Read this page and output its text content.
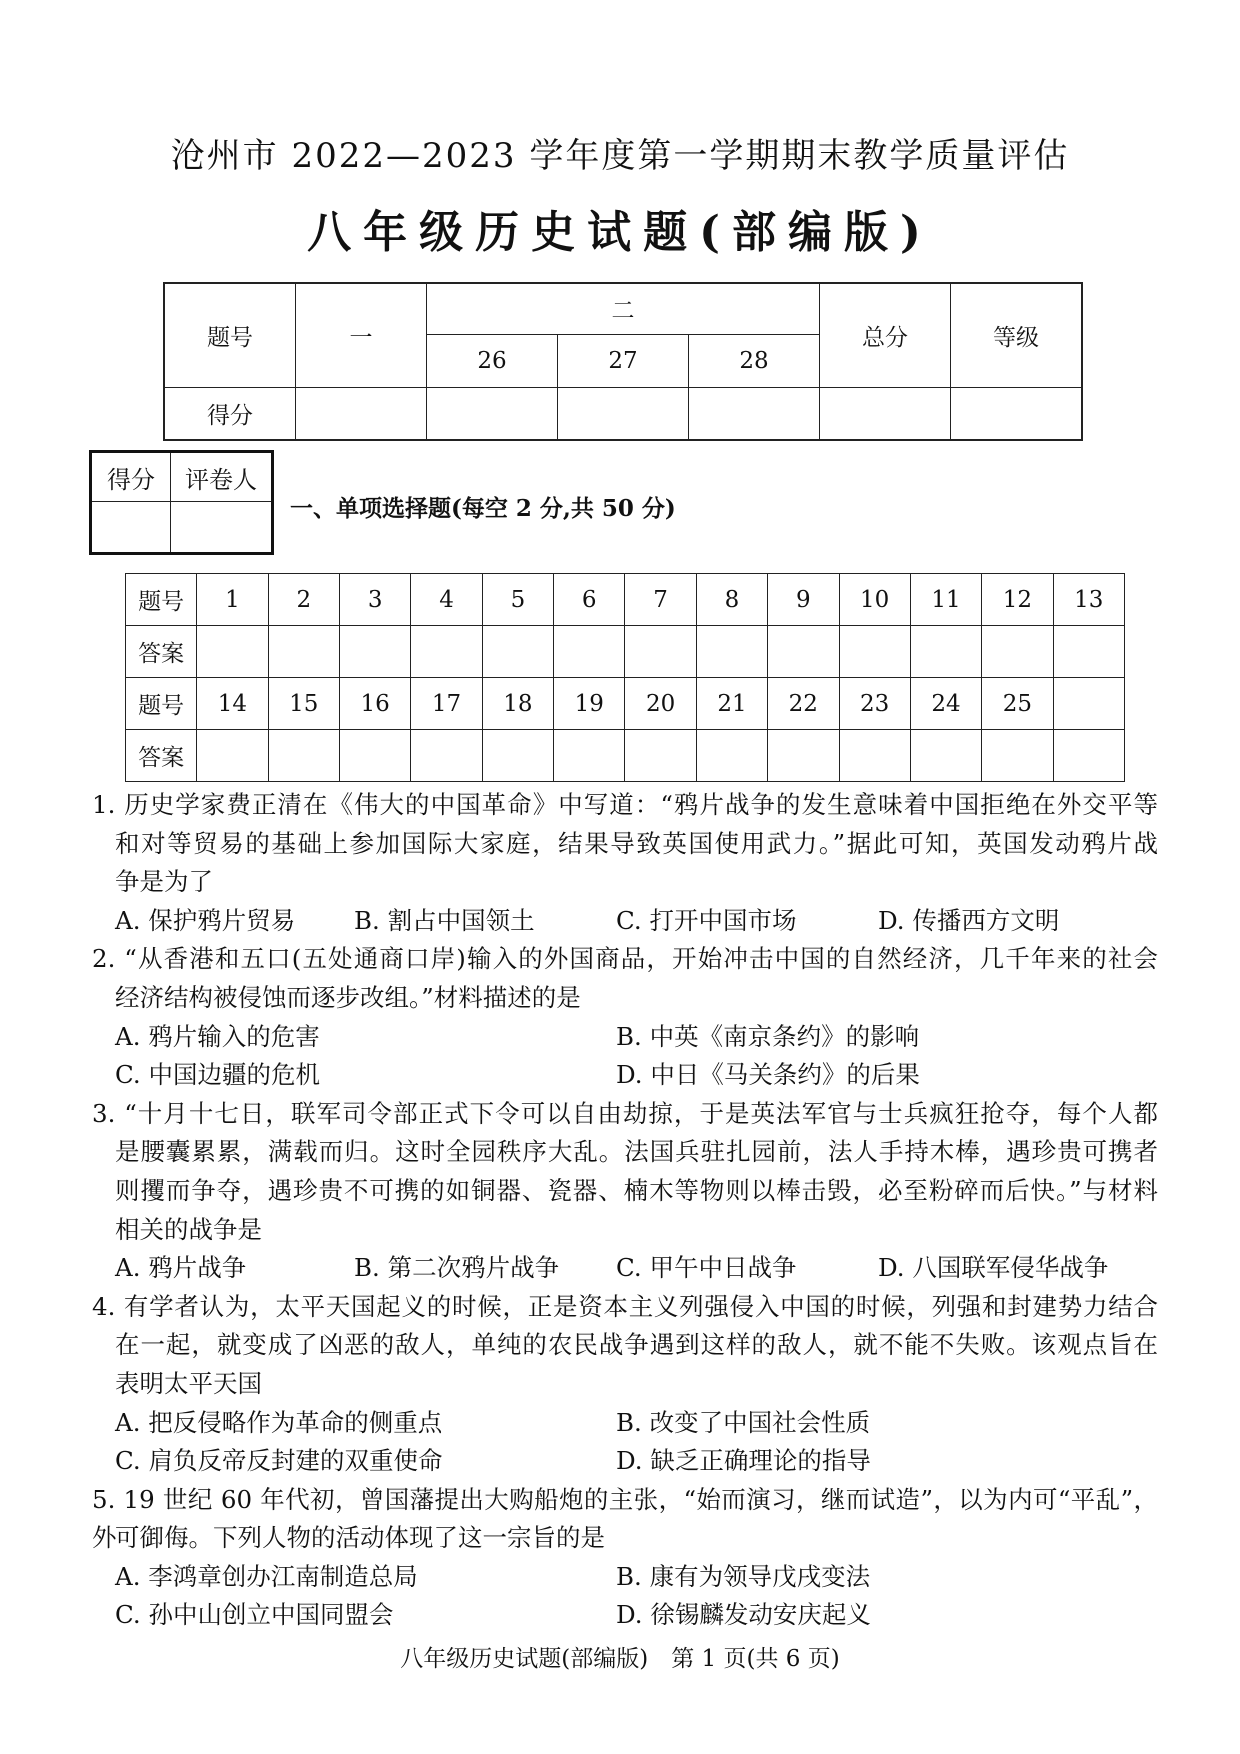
沧州市 2022—2023 学年度第一学期期末教学质量评估
八年级历史试题(部编版)
题号	一	二			总分	等级
		26	27	28		
得分						
得分	评卷人

一、单项选择题(每空 2 分,共 50 分)
题号	1	2	3	4	5	6	7	8	9	10	11	12	13
答案													
题号	14	15	16	17	18	19	20	21	22	23	24	25	
答案													
1. 历史学家费正清在《伟大的中国革命》中写道：“鸦片战争的发生意味着中国拒绝在外交平等
和对等贸易的基础上参加国际大家庭，结果导致英国使用武力。”据此可知，英国发动鸦片战
争是为了
A. 保护鸦片贸易 B. 割占中国领土	C. 打开中国市场	D. 传播西方文明
2. “从香港和五口(五处通商口岸)输入的外国商品，开始冲击中国的自然经济，几千年来的社会
经济结构被侵蚀而逐步改组。”材料描述的是
A. 鸦片输入的危害	B. 中英《南京条约》的影响
C. 中国边疆的危机	D. 中日《马关条约》的后果
3. “十月十七日，联军司令部正式下令可以自由劫掠，于是英法军官与士兵疯狂抢夺，每个人都
是腰囊累累，满载而归。这时全园秩序大乱。法国兵驻扎园前，法人手持木棒，遇珍贵可携者
则攫而争夺，遇珍贵不可携的如铜器、瓷器、楠木等物则以棒击毁，必至粉碎而后快。”与材料
相关的战争是
A. 鸦片战争	B. 第二次鸦片战争 C. 甲午中日战争	D. 八国联军侵华战争
4. 有学者认为，太平天国起义的时候，正是资本主义列强侵入中国的时候，列强和封建势力结合
在一起，就变成了凶恶的敌人，单纯的农民战争遇到这样的敌人，就不能不失败。该观点旨在
表明太平天国
A. 把反侵略作为革命的侧重点	B. 改变了中国社会性质
C. 肩负反帝反封建的双重使命	D. 缺乏正确理论的指导
5. 19 世纪 60 年代初，曾国藩提出大购船炮的主张，“始而演习，继而试造”，以为内可“平乱”，外
可御侮。下列人物的活动体现了这一宗旨的是
A. 李鸿章创办江南制造总局	B. 康有为领导戊戌变法
C. 孙中山创立中国同盟会	D. 徐锡麟发动安庆起义
八年级历史试题(部编版)　第 1 页(共 6 页)
